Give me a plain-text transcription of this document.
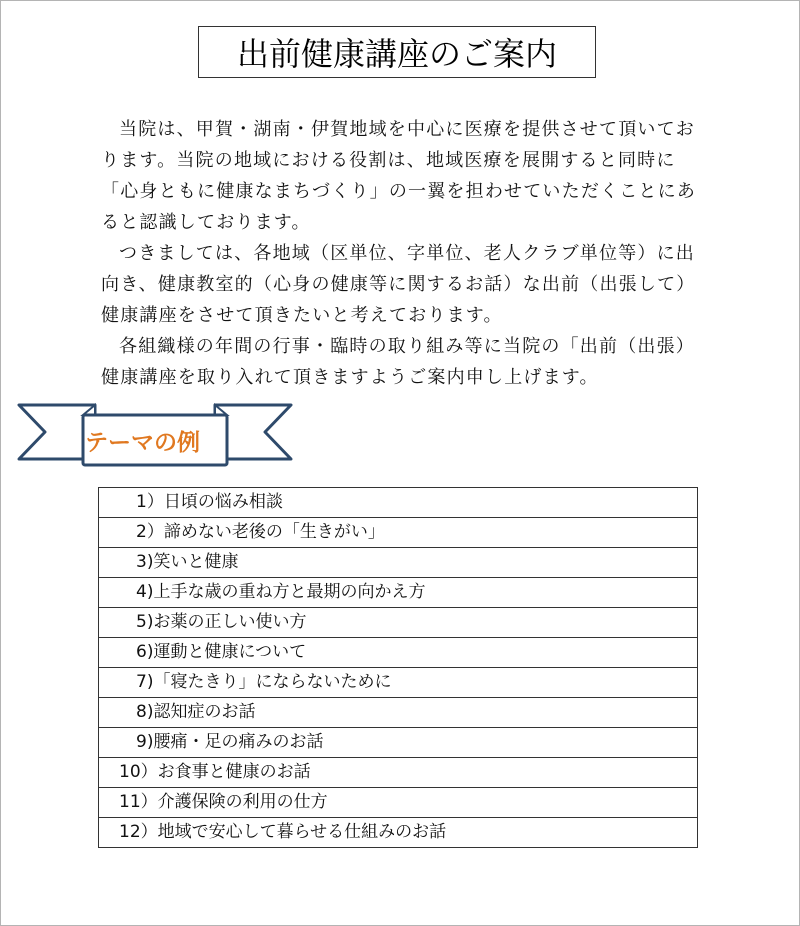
出前健康講座のご案内

当院は、甲賀・湖南・伊賀地域を中心に医療を提供させて頂いております。当院の地域における役割は、地域医療を展開すると同時に「心身ともに健康なまちづくり」の一翼を担わせていただくことにあると認識しております。

つきましては、各地域（区単位、字単位、老人クラブ単位等）に出向き、健康教室的（心身の健康等に関するお話）な出前（出張して）健康講座をさせて頂きたいと考えております。

各組織様の年間の行事・臨時の取り組み等に当院の「出前（出張）健康講座を取り入れて頂きますようご案内申し上げます。

テーマの例
　1）日頃の悩み相談
　2）諦めない老後の「生きがい」
　3)笑いと健康
　4)上手な歳の重ね方と最期の向かえ方
　5)お薬の正しい使い方
　6)運動と健康について
　7)「寝たきり」にならないために
　8)認知症のお話
　9)腰痛・足の痛みのお話
10）お食事と健康のお話
11）介護保険の利用の仕方
12）地域で安心して暮らせる仕組みのお話
